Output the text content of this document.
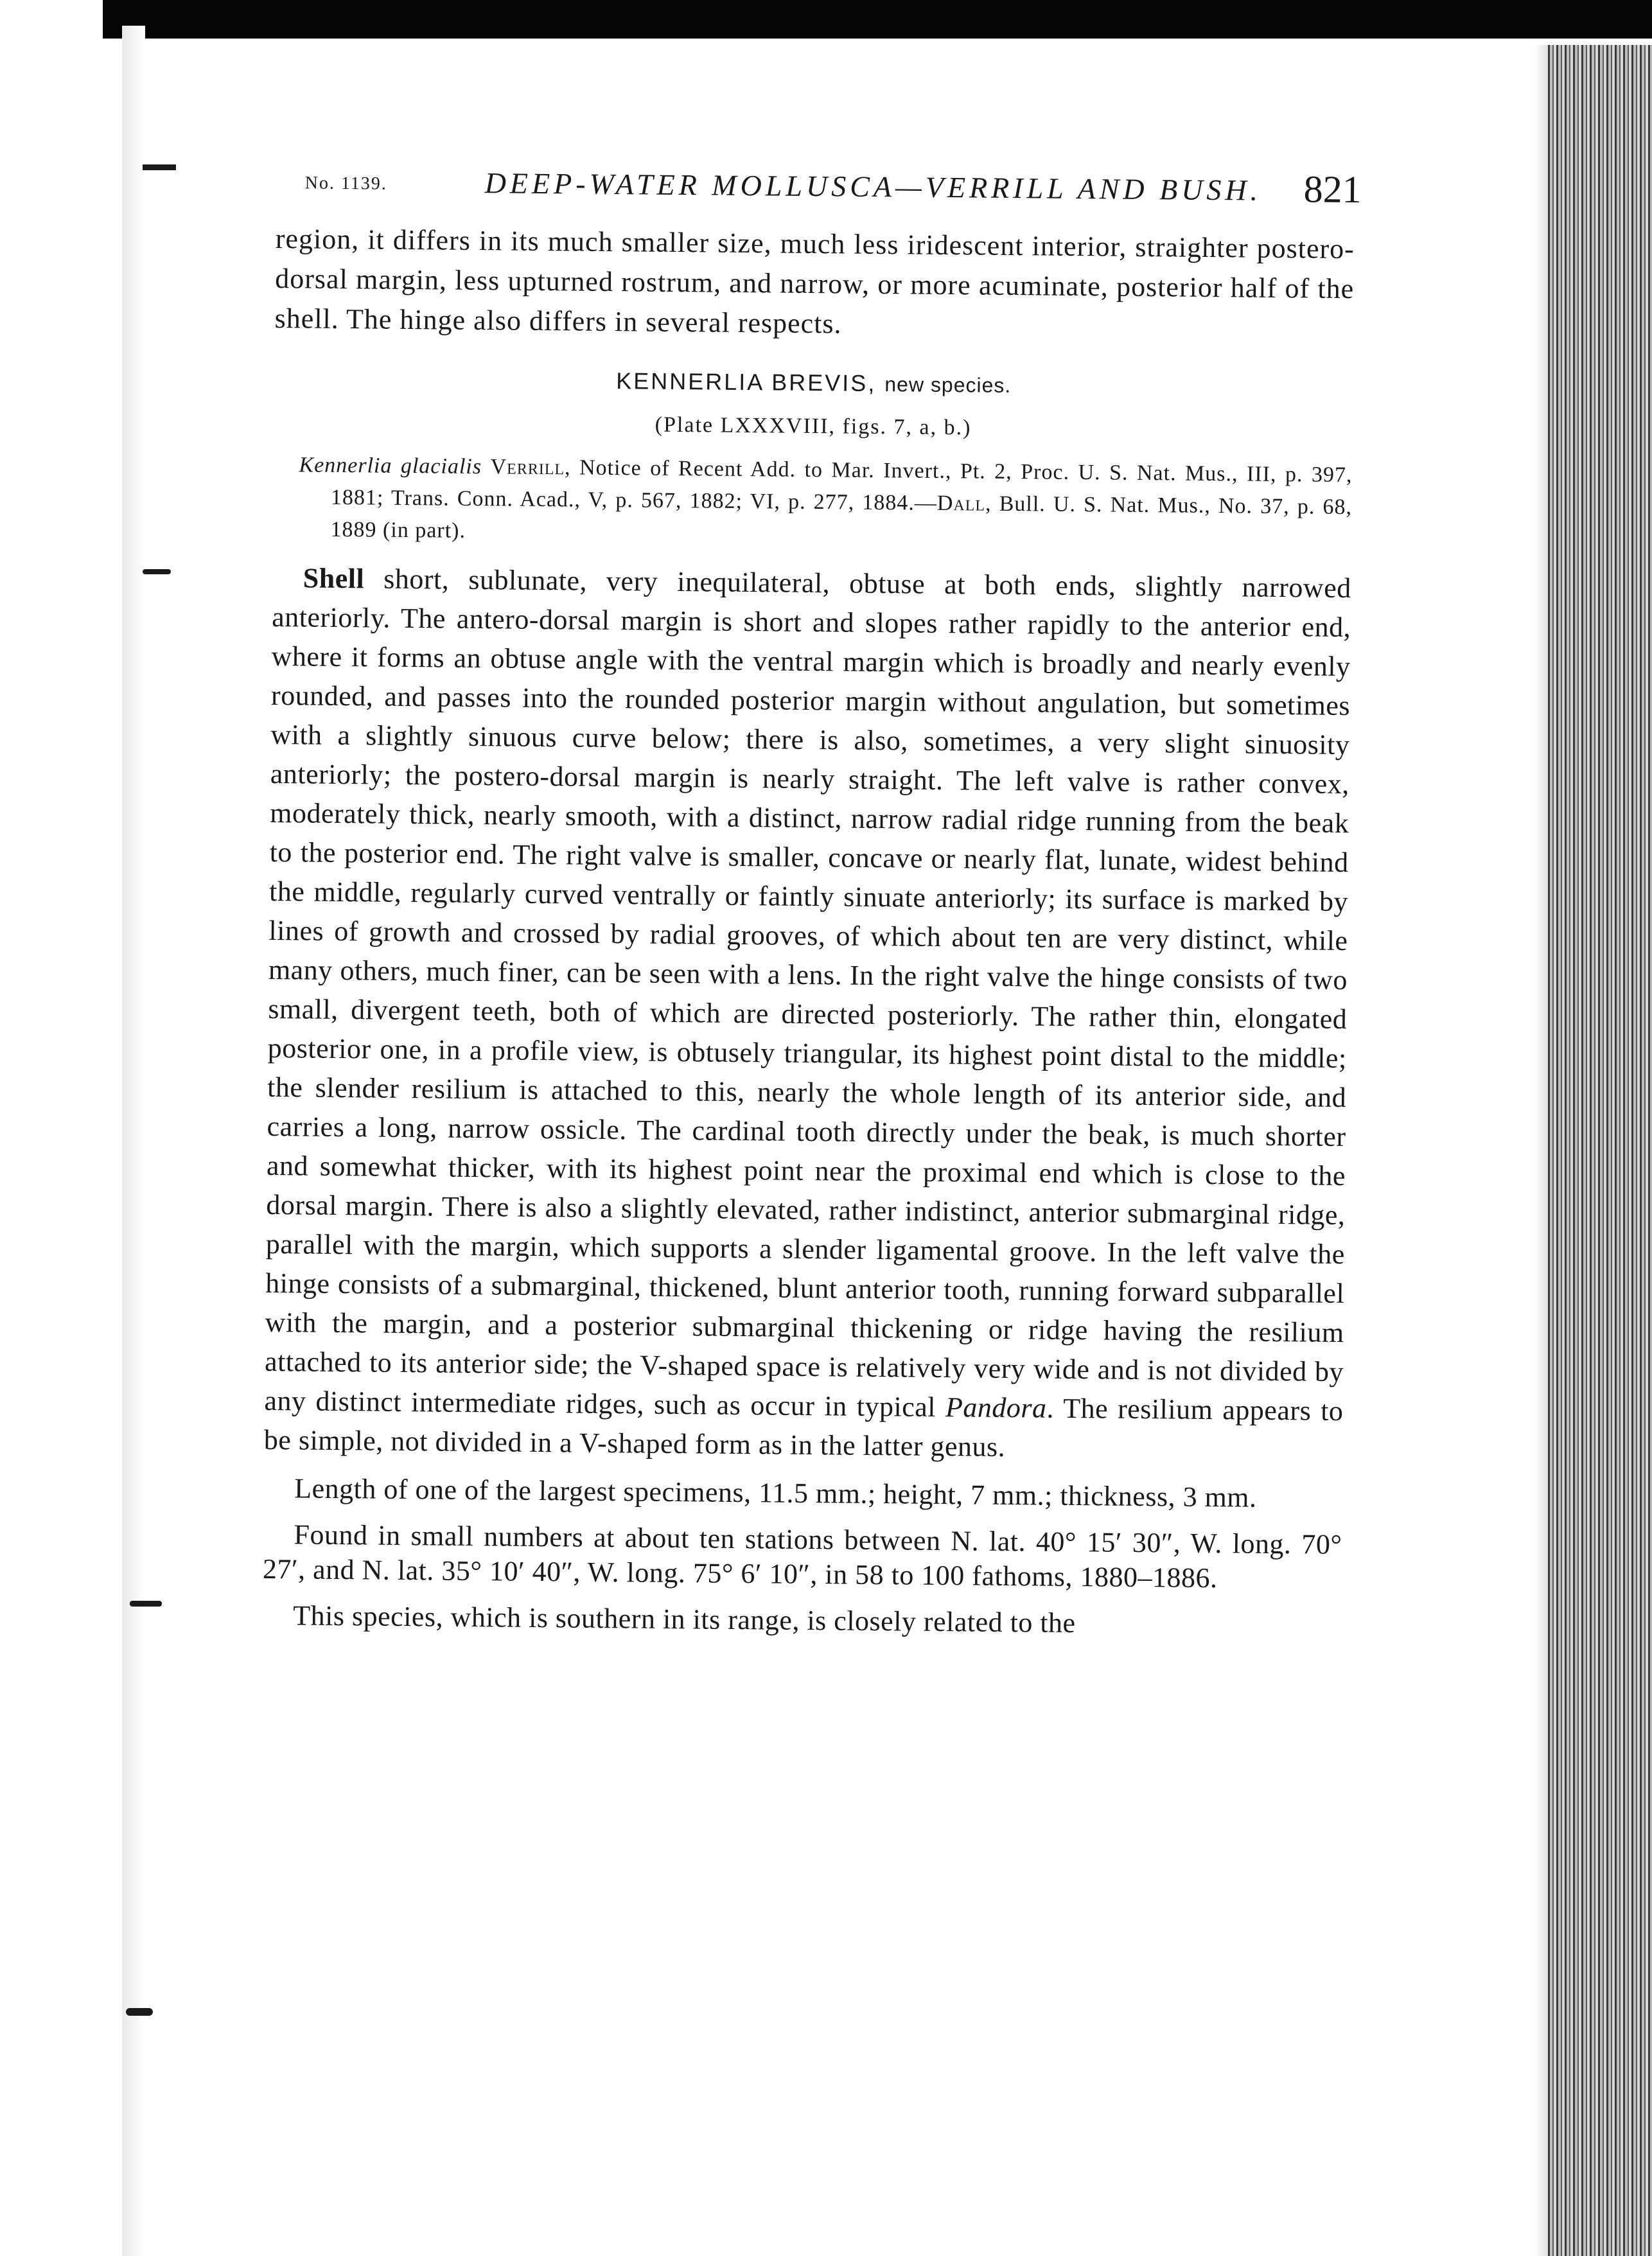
No. 1139.	DEEP-WATER MOLLUSCA—VERRILL AND BUSH. 821

region, it differs in its much smaller size, much less iridescent interior, straighter postero-dorsal margin, less upturned rostrum, and narrow, or more acuminate, posterior half of the shell. The hinge also differs in several respects.

KENNERLIA BREVIS, new species.
(Plate LXXXVIII, figs. 7, a, b.)

Kennerlia glacialis Verrill, Notice of Recent Add. to Mar. Invert., Pt. 2, Proc. U. S. Nat. Mus., III, p. 397, 1881; Trans. Conn. Acad., V, p. 567, 1882; VI, p. 277, 1884.—Dall, Bull. U. S. Nat. Mus., No. 37, p. 68, 1889 (in part).

Shell short, sublunate, very inequilateral, obtuse at both ends, slightly narrowed anteriorly. The antero-dorsal margin is short and slopes rather rapidly to the anterior end, where it forms an obtuse angle with the ventral margin which is broadly and nearly evenly rounded, and passes into the rounded posterior margin without angulation, but sometimes with a slightly sinuous curve below; there is also, sometimes, a very slight sinuosity anteriorly; the postero-dorsal margin is nearly straight. The left valve is rather convex, moderately thick, nearly smooth, with a distinct, narrow radial ridge running from the beak to the posterior end. The right valve is smaller, concave or nearly flat, lunate, widest behind the middle, regularly curved ventrally or faintly sinuate anteriorly; its surface is marked by lines of growth and crossed by radial grooves, of which about ten are very distinct, while many others, much finer, can be seen with a lens. In the right valve the hinge consists of two small, divergent teeth, both of which are directed posteriorly. The rather thin, elongated posterior one, in a profile view, is obtusely triangular, its highest point distal to the middle; the slender resilium is attached to this, nearly the whole length of its anterior side, and carries a long, narrow ossicle. The cardinal tooth directly under the beak, is much shorter and somewhat thicker, with its highest point near the proximal end which is close to the dorsal margin. There is also a slightly elevated, rather indistinct, anterior submarginal ridge, parallel with the margin, which supports a slender ligamental groove. In the left valve the hinge consists of a submarginal, thickened, blunt anterior tooth, running forward subparallel with the margin, and a posterior submarginal thickening or ridge having the resilium attached to its anterior side; the V-shaped space is relatively very wide and is not divided by any distinct intermediate ridges, such as occur in typical Pandora. The resilium appears to be simple, not divided in a V-shaped form as in the latter genus.

Length of one of the largest specimens, 11.5 mm.; height, 7 mm.; thickness, 3 mm.

Found in small numbers at about ten stations between N. lat. 40° 15′ 30″, W. long. 70° 27′, and N. lat. 35° 10′ 40″, W. long. 75° 6′ 10″, in 58 to 100 fathoms, 1880–1886.

This species, which is southern in its range, is closely related to the
